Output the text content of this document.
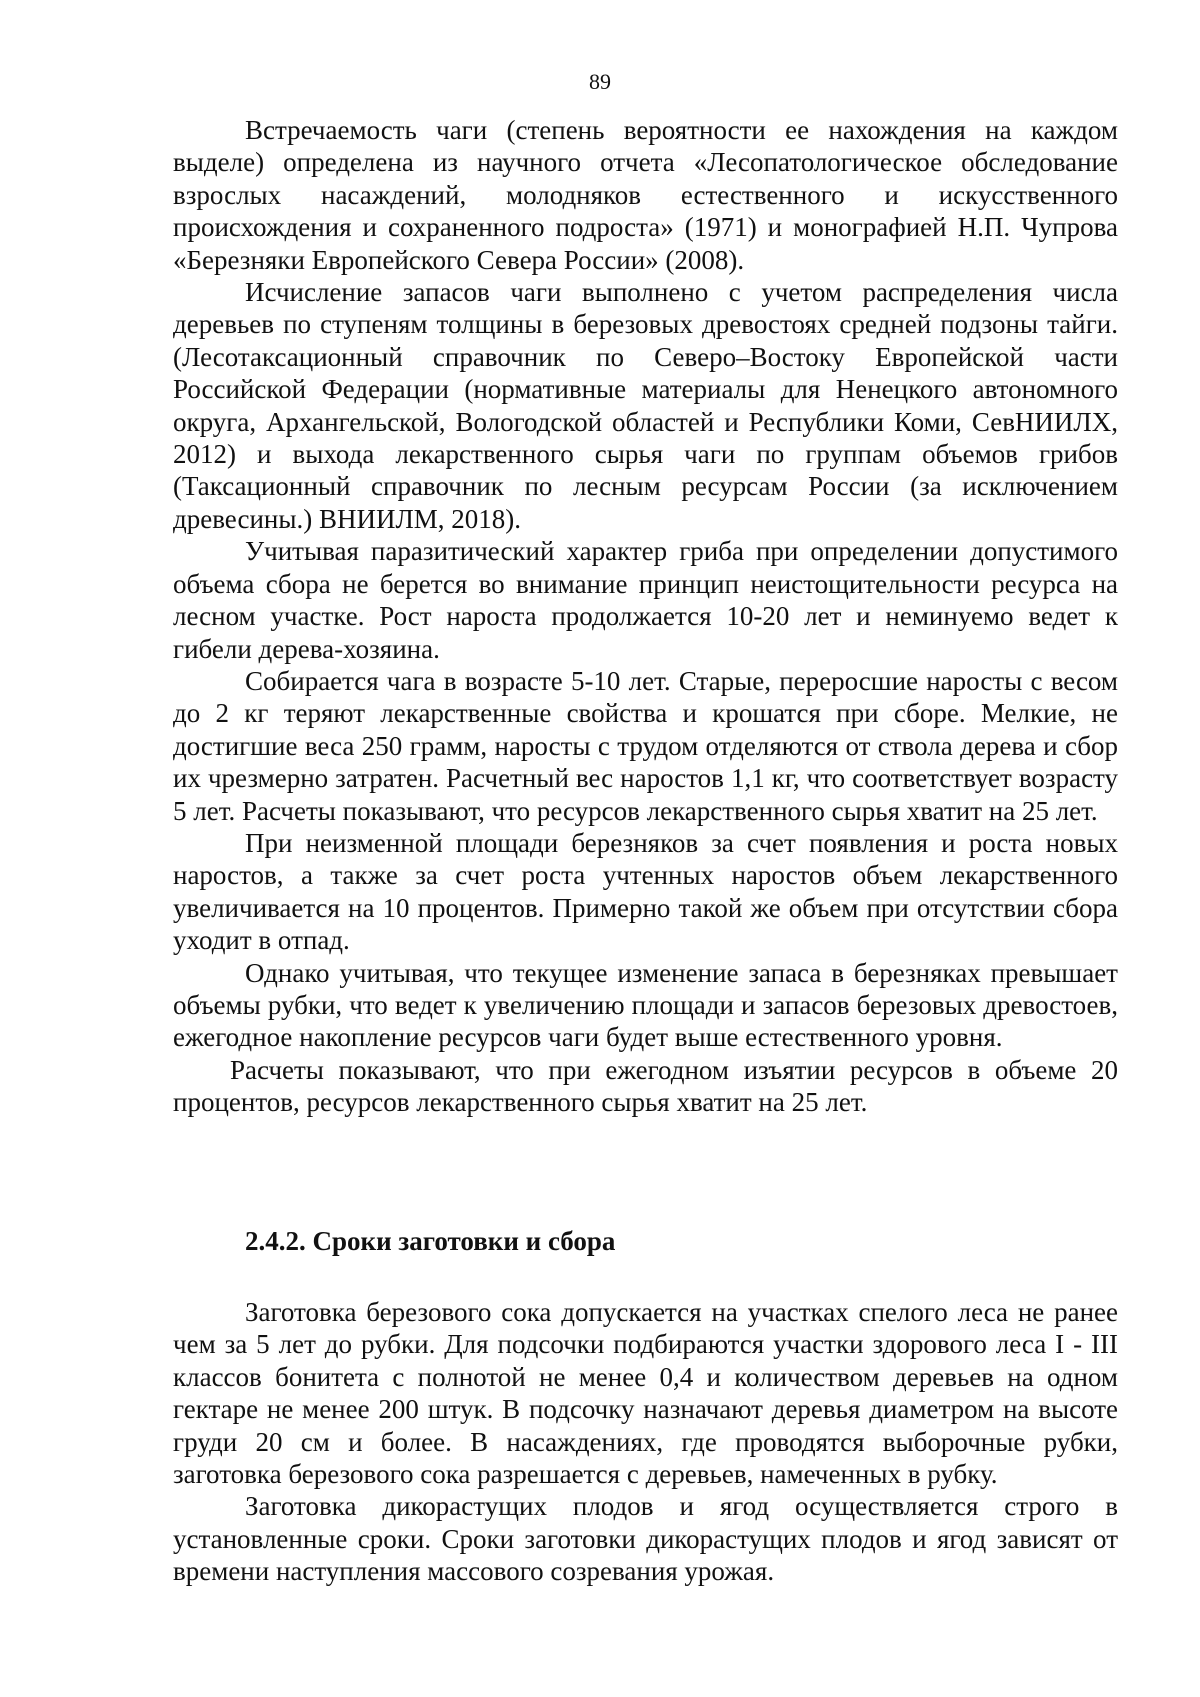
89

Встречаемость чаги (степень вероятности ее нахождения на каждом выделе) определена из научного отчета «Лесопатологическое обследование взрослых насаждений, молодняков естественного и искусственного происхождения и сохраненного подроста» (1971) и монографией Н.П. Чупрова «Березняки Европейского Севера России» (2008).

Исчисление запасов чаги выполнено с учетом распределения числа деревьев по ступеням толщины в березовых древостоях средней подзоны тайги. (Лесотаксационный справочник по Северо–Востоку Европейской части Российской Федерации (нормативные материалы для Ненецкого автономного округа, Архангельской, Вологодской областей и Республики Коми, СевНИИЛХ, 2012) и выхода лекарственного сырья чаги по группам объемов грибов (Таксационный справочник по лесным ресурсам России (за исключением древесины.) ВНИИЛМ, 2018).

Учитывая паразитический характер гриба при определении допустимого объема сбора не берется во внимание принцип неистощительности ресурса на лесном участке. Рост нароста продолжается 10-20 лет и неминуемо ведет к гибели дерева-хозяина.

Собирается чага в возрасте 5-10 лет. Старые, переросшие наросты с весом до 2 кг теряют лекарственные свойства и крошатся при сборе. Мелкие, не достигшие веса 250 грамм, наросты с трудом отделяются от ствола дерева и сбор их чрезмерно затратен. Расчетный вес наростов 1,1 кг, что соответствует возрасту 5 лет. Расчеты показывают, что ресурсов лекарственного сырья хватит на 25 лет.

При неизменной площади березняков за счет появления и роста новых наростов, а также за счет роста учтенных наростов объем лекарственного увеличивается на 10 процентов. Примерно такой же объем при отсутствии сбора уходит в отпад.

Однако учитывая, что текущее изменение запаса в березняках превышает объемы рубки, что ведет к увеличению площади и запасов березовых древостоев, ежегодное накопление ресурсов чаги будет выше естественного уровня.

Расчеты показывают, что при ежегодном изъятии ресурсов в объеме 20 процентов, ресурсов лекарственного сырья хватит на 25 лет.

2.4.2. Сроки заготовки и сбора

Заготовка березового сока допускается на участках спелого леса не ранее чем за 5 лет до рубки. Для подсочки подбираются участки здорового леса I - III классов бонитета с полнотой не менее 0,4 и количеством деревьев на одном гектаре не менее 200 штук. В подсочку назначают деревья диаметром на высоте груди 20 см и более. В насаждениях, где проводятся выборочные рубки, заготовка березового сока разрешается с деревьев, намеченных в рубку.

Заготовка дикорастущих плодов и ягод осуществляется строго в установленные сроки. Сроки заготовки дикорастущих плодов и ягод зависят от времени наступления массового созревания урожая.
